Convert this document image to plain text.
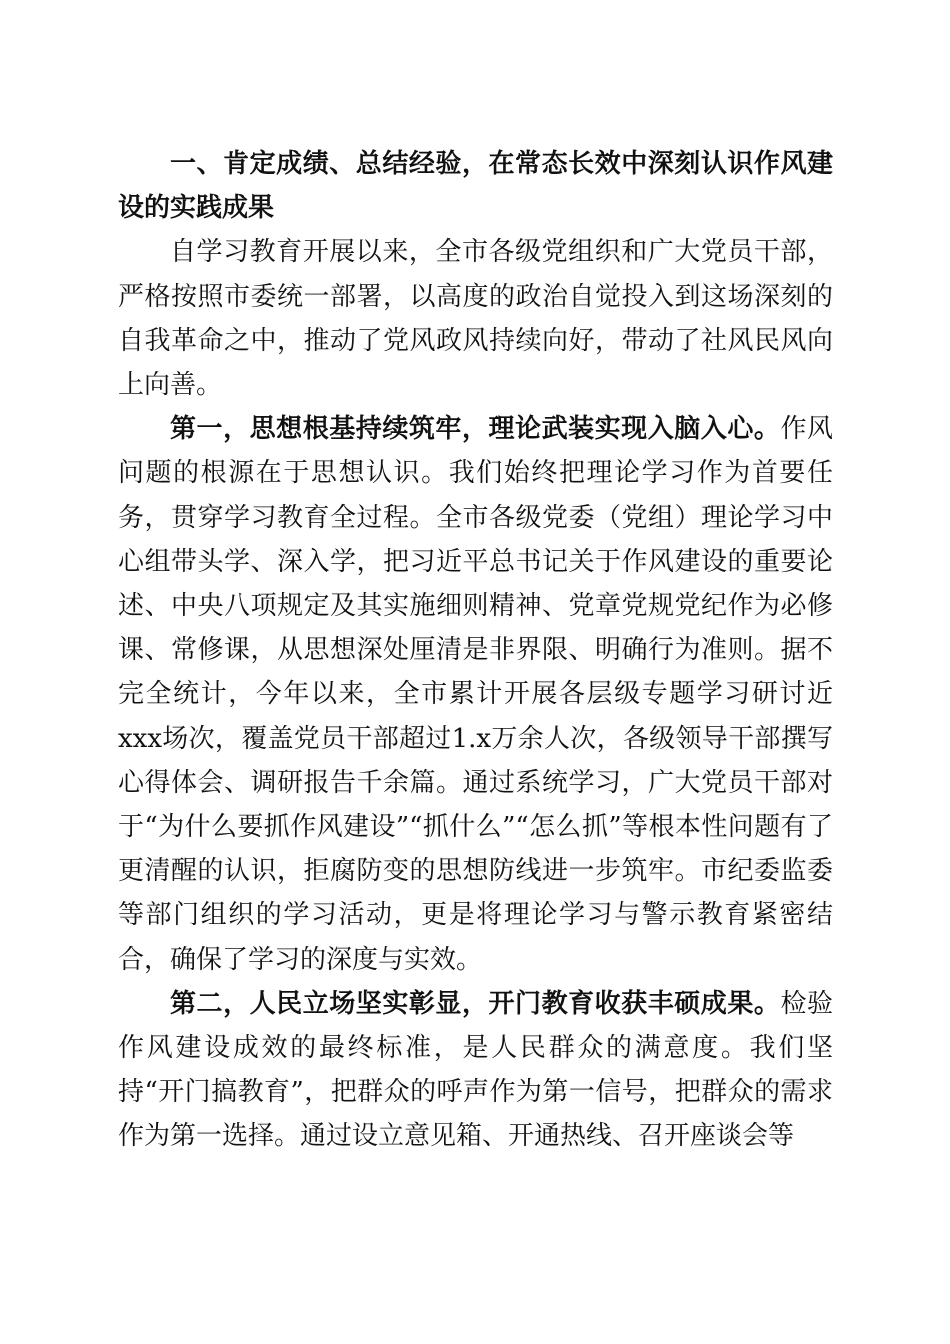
一、肯定成绩、总结经验，在常态长效中深刻认识作风建设的实践成果

自学习教育开展以来，全市各级党组织和广大党员干部，严格按照市委统一部署，以高度的政治自觉投入到这场深刻的自我革命之中，推动了党风政风持续向好，带动了社风民风向上向善。

第一，思想根基持续筑牢，理论武装实现入脑入心。作风问题的根源在于思想认识。我们始终把理论学习作为首要任务，贯穿学习教育全过程。全市各级党委（党组）理论学习中心组带头学、深入学，把习近平总书记关于作风建设的重要论述、中央八项规定及其实施细则精神、党章党规党纪作为必修课、常修课，从思想深处厘清是非界限、明确行为准则。据不完全统计，今年以来，全市累计开展各层级专题学习研讨近xxx场次，覆盖党员干部超过1.x万余人次，各级领导干部撰写心得体会、调研报告千余篇。通过系统学习，广大党员干部对于“为什么要抓作风建设”“抓什么”“怎么抓”等根本性问题有了更清醒的认识，拒腐防变的思想防线进一步筑牢。市纪委监委等部门组织的学习活动，更是将理论学习与警示教育紧密结合，确保了学习的深度与实效。

第二，人民立场坚实彰显，开门教育收获丰硕成果。检验作风建设成效的最终标准，是人民群众的满意度。我们坚持“开门搞教育”，把群众的呼声作为第一信号，把群众的需求作为第一选择。通过设立意见箱、开通热线、召开座谈会等
